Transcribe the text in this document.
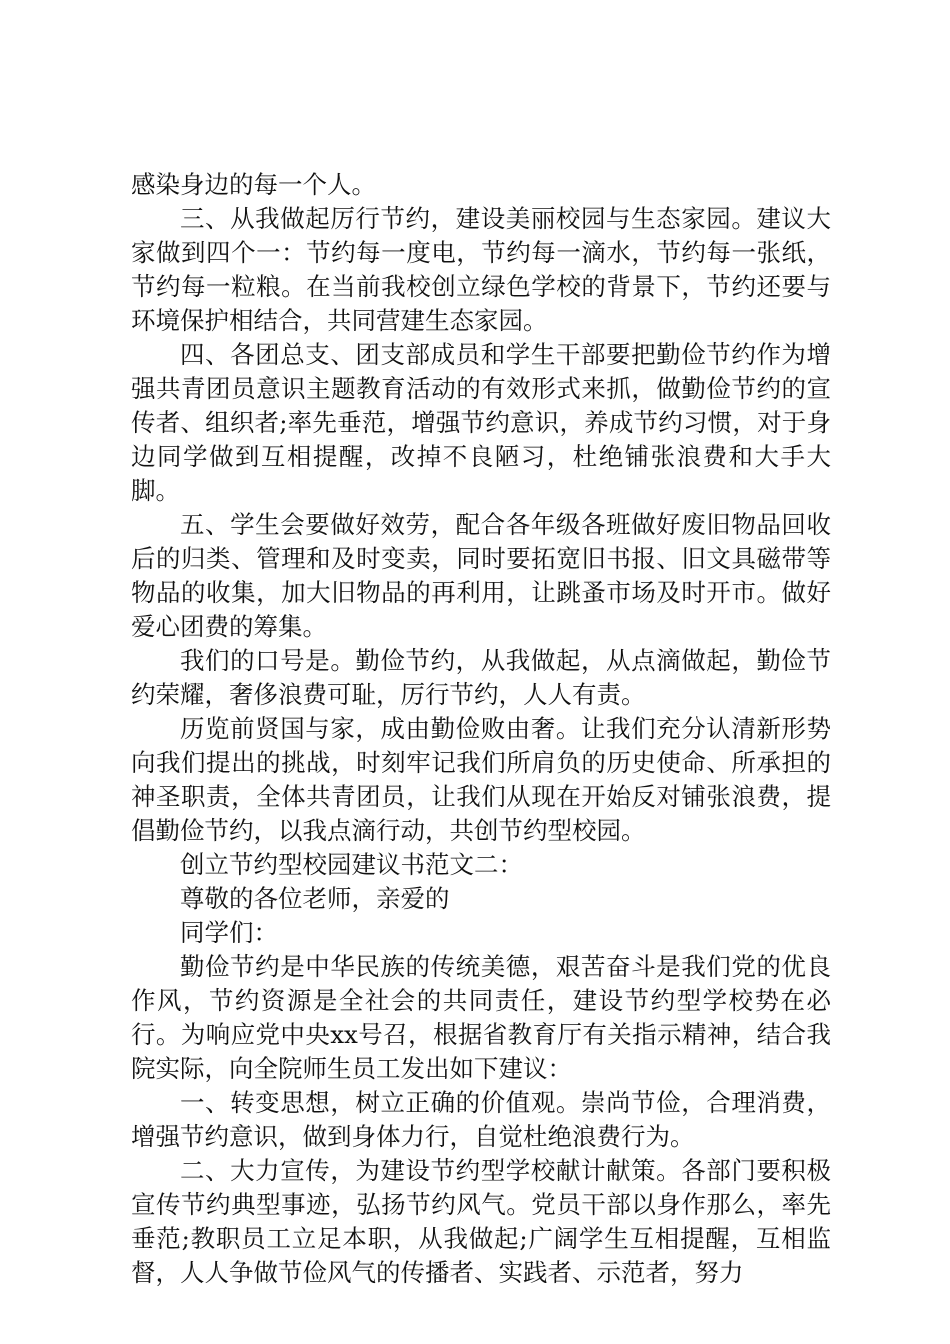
感染身边的每一个人。

三、从我做起厉行节约，建设美丽校园与生态家园。建议大家做到四个一：节约每一度电，节约每一滴水，节约每一张纸，节约每一粒粮。在当前我校创立绿色学校的背景下，节约还要与环境保护相结合，共同营建生态家园。

四、各团总支、团支部成员和学生干部要把勤俭节约作为增强共青团员意识主题教育活动的有效形式来抓，做勤俭节约的宣传者、组织者;率先垂范，增强节约意识，养成节约习惯，对于身边同学做到互相提醒，改掉不良陋习，杜绝铺张浪费和大手大脚。

五、学生会要做好效劳，配合各年级各班做好废旧物品回收后的归类、管理和及时变卖，同时要拓宽旧书报、旧文具磁带等物品的收集，加大旧物品的再利用，让跳蚤市场及时开市。做好爱心团费的筹集。

我们的口号是。勤俭节约，从我做起，从点滴做起，勤俭节约荣耀，奢侈浪费可耻，厉行节约，人人有责。

历览前贤国与家，成由勤俭败由奢。让我们充分认清新形势向我们提出的挑战，时刻牢记我们所肩负的历史使命、所承担的神圣职责，全体共青团员，让我们从现在开始反对铺张浪费，提倡勤俭节约，以我点滴行动，共创节约型校园。

创立节约型校园建议书范文二：

尊敬的各位老师，亲爱的

同学们：

勤俭节约是中华民族的传统美德，艰苦奋斗是我们党的优良作风，节约资源是全社会的共同责任，建设节约型学校势在必行。为响应党中央xx号召，根据省教育厅有关指示精神，结合我院实际，向全院师生员工发出如下建议：

一、转变思想，树立正确的价值观。崇尚节俭，合理消费，增强节约意识，做到身体力行，自觉杜绝浪费行为。

二、大力宣传，为建设节约型学校献计献策。各部门要积极宣传节约典型事迹，弘扬节约风气。党员干部以身作那么，率先垂范;教职员工立足本职，从我做起;广阔学生互相提醒，互相监督，人人争做节俭风气的传播者、实践者、示范者，努力
